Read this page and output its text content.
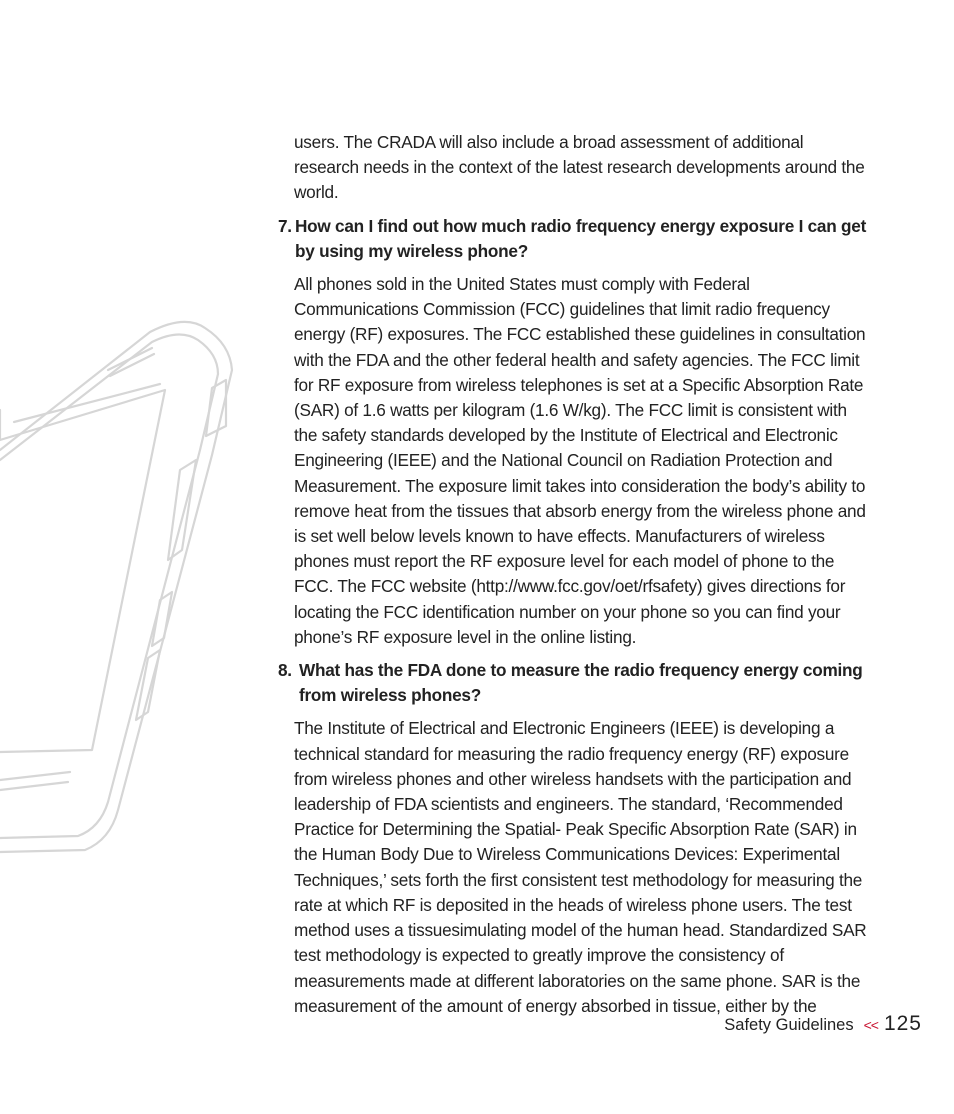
users. The CRADA will also include a broad assessment of additional research needs in the context of the latest research developments around the world.

7. How can I find out how much radio frequency energy exposure I can get by using my wireless phone?

All phones sold in the United States must comply with Federal Communications Commission (FCC) guidelines that limit radio frequency energy (RF) exposures. The FCC established these guidelines in consultation with the FDA and the other federal health and safety agencies. The FCC limit for RF exposure from wireless telephones is set at a Specific Absorption Rate (SAR) of 1.6 watts per kilogram (1.6 W/kg). The FCC limit is consistent with the safety standards developed by the Institute of Electrical and Electronic Engineering (IEEE) and the National Council on Radiation Protection and Measurement. The exposure limit takes into consideration the body’s ability to remove heat from the tissues that absorb energy from the wireless phone and is set well below levels known to have effects. Manufacturers of wireless phones must report the RF exposure level for each model of phone to the FCC. The FCC website (http://www.fcc.gov/oet/rfsafety) gives directions for locating the FCC identification number on your phone so you can find your phone’s RF exposure level in the online listing.

8. What has the FDA done to measure the radio frequency energy coming from wireless phones?

The Institute of Electrical and Electronic Engineers (IEEE) is developing a technical standard for measuring the radio frequency energy (RF) exposure from wireless phones and other wireless handsets with the participation and leadership of FDA scientists and engineers. The standard, ‘Recommended Practice for Determining the Spatial- Peak Specific Absorption Rate (SAR) in the Human Body Due to Wireless Communications Devices: Experimental Techniques,’ sets forth the first consistent test methodology for measuring the rate at which RF is deposited in the heads of wireless phone users. The test method uses a tissuesimulating model of the human head. Standardized SAR test methodology is expected to greatly improve the consistency of measurements made at different laboratories on the same phone. SAR is the measurement of the amount of energy absorbed in tissue, either by the

Safety Guidelines << 125
